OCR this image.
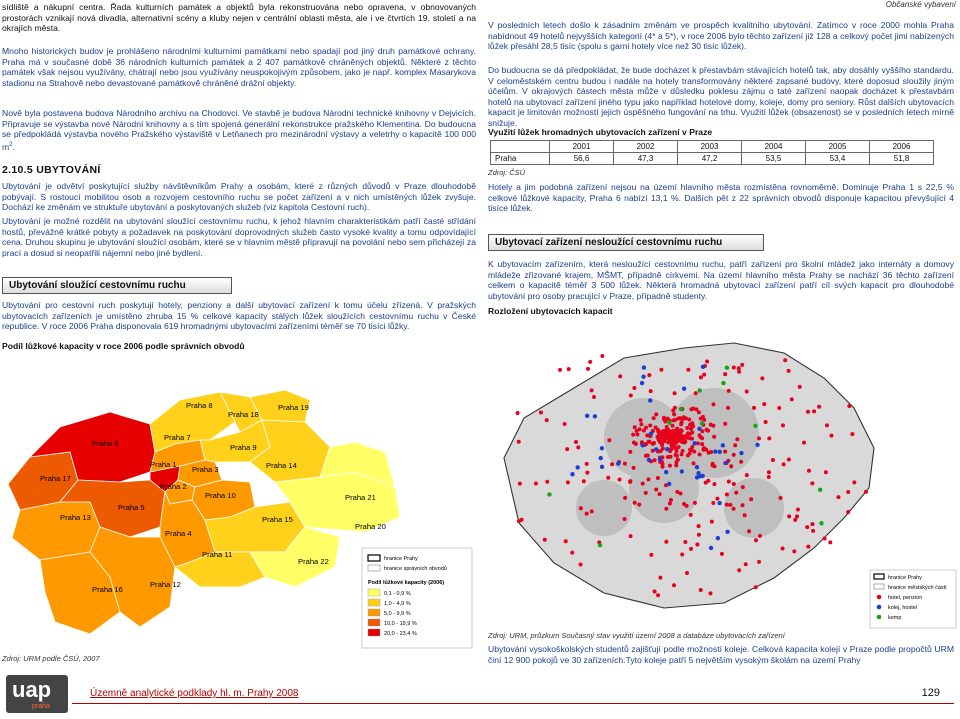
sídliště a nákupní centra. Řada kulturních památek a objektů byla rekonstruována nebo opravena, v obnovovaných prostorách vznikají nová divadla, alternativní scény a kluby nejen v centrální oblasti města, ale i ve čtvrtích 19. století a na okrajích města.

Mnoho historických budov je prohlášeno národními kulturními památkami nebo spadají pod jiný druh památkové ochrany. Praha má v současné době 36 národních kulturních památek a 2 407 památkově chráněných objektů. Některé z těchto památek však nejsou využívány, chátrají nebo jsou využívány neuspokojivým způsobem, jako je např. komplex Masarykova stadionu na Strahově nebo devastované památkově chráněné drážní objekty.

Nově byla postavena budova Národního archivu na Chodovci. Ve stavbě je budova Národní technické knihovny v Dejvicích. Připravuje se výstavba nové Národní knihovny a s tím spojená generální rekonstrukce pražského Klementina. Do budoucna se předpokládá výstavba nového Pražského výstaviště v Letňanech pro mezinárodní výstavy a veletrhy o kapacitě 100 000 $m^2$.

2.10.5 UBYTOVÁNÍ

Ubytování je odvětví poskytující služby návštěvníkům Prahy a osobám, které z různých důvodů v Praze dlouhodobě pobývají. S rostoucí mobilitou osob a rozvojem cestovního ruchu se počet zařízení a v nich umístěných lůžek zvyšuje. Dochází ke změnám ve struktuře ubytování a poskytovaných služeb (viz kapitola Cestovní ruch).

Ubytování je možné rozdělit na ubytování sloužící cestovnímu ruchu, k jehož hlavním charakteristikám patří časté střídání hostů, převážně krátké pobyty a požadavek na poskytování doprovodných služeb často vysoké kvality a tomu odpovídající cena. Druhou skupinu je ubytování sloužící osobám, které se v hlavním městě připravují na povolání nebo sem přicházejí za prací a dosud si neopatřili nájemní nebo jiné bydlení.

Ubytování sloužící cestovnímu ruchu

Ubytování pro cestovní ruch poskytují hotely, penziony a další ubytovací zařízení k tomu účelu zřízená. V pražských ubytovacích zařízeních je umístěno zhruba 15 % celkové kapacity stálých lůžek sloužících cestovnímu ruchu v České republice. V roce 2006 Praha disponovala 619 hromadnými ubytovacími zařízeními téměř se 70 tisíci lůžky.

Podíl lůžkové kapacity v roce 2006 podle správních obvodů
Praha 8
Praha 18
Praha 19
Praha 6
Praha 7
Praha 9
Praha 1
Praha 3	Praha 14
Praha 17
Praha 2
Praha 10	Praha 21
Praha 5
Praha 13	Praha 15
Praha 4
Praha 22
Praha 11
Praha 12
Praha 16
Praha 20
hranice Prahy
hranice správních obvodů
Podíl lůžkové kapacity (2006)
0,1 - 0,9 %
1,0 - 4,9 %
5,0 - 9,9 %
10,0 - 19,9 %
20,0 - 23,4 %
Zdroj: URM podle ČSÚ, 2007
Občanské vybavení

V posledních letech došlo k zásadním změnám ve prospěch kvalitního ubytování. Zatímco v roce 2000 mohla Praha nabídnout 49 hotelů nejvyšších kategorií (4* a 5*), v roce 2006 bylo těchto zařízení již 128 a celkový počet jimi nabízených lůžek přesáhl 28,5 tisíc (spolu s garni hotely více než 30 tisíc lůžek).

Do budoucna se dá předpokládat, že bude docházet k přestavbám stávajících hotelů tak, aby dosáhly vyššího standardu. V celoměstském centru budou i nadále na hotely transformovány některé zapsané budovy, které doposud sloužily jiným účelům. V okrajových částech města může v důsledku poklesu zájmu o taté zařízení naopak docházet k přestavbám hotelů na ubytovací zařízení jiného typu jako například hotelové domy, koleje, domy pro seniory. Růst dalších ubytovacích kapacit je limitován možností jejich úspěšného fungování na trhu. Využití lůžek (obsazenost) se v posledních letech mírně snižuje.

Využití lůžek hromadných ubytovacích zařízení v Praze
	2001	2002	2003	2004	2005	2006
Praha	56,6	47,3	47,2	53,5	53,4	51,8
Zdroj: ČSÚ

Hotely a jim podobná zařízení nejsou na území hlavního města rozmístěna rovnoměrně. Dominuje Praha 1 s 22,5 % celkové lůžkové kapacity, Praha 6 nabízí 13,1 %. Dalších pět z 22 správních obvodů disponuje kapacitou převyšující 4 tisíce lůžek.

Ubytovací zařízení nesloužící cestovnímu ruchu

K ubytovacím zařízením, která nesloužící cestovnímu ruchu, patří zařízení pro školní mládež jako internáty a domovy mládeže zřizované krajem, MŠMT, případně církvemi. Na území hlavního města Prahy se nachází 36 těchto zařízení celkem o kapacitě téměř 3 500 lůžek. Některá hromadná ubytovací zařízení patří cíl svých kapacit pro dlouhodobé ubytování pro osoby pracující v Praze, případně studenty.

Rozložení ubytovacích kapacit
hranice Prahy
hranice městských částí
hotel, penzion
kolej, hostel
kemp
Zdroj: URM, průzkum Současný stav využití území 2008 a databáze ubytovacích zařízení

Ubytování vysokoškolských studentů zajišťují podle možností koleje. Celková kapacita kolejí v Praze podle propočtů URM činí 12 900 pokojů ve 30 zařízeních.Tyto koleje patří 5 největším vysokým školám na území Prahy

uap
praha
Územně analytické podklady hl. m. Prahy 2008	129
